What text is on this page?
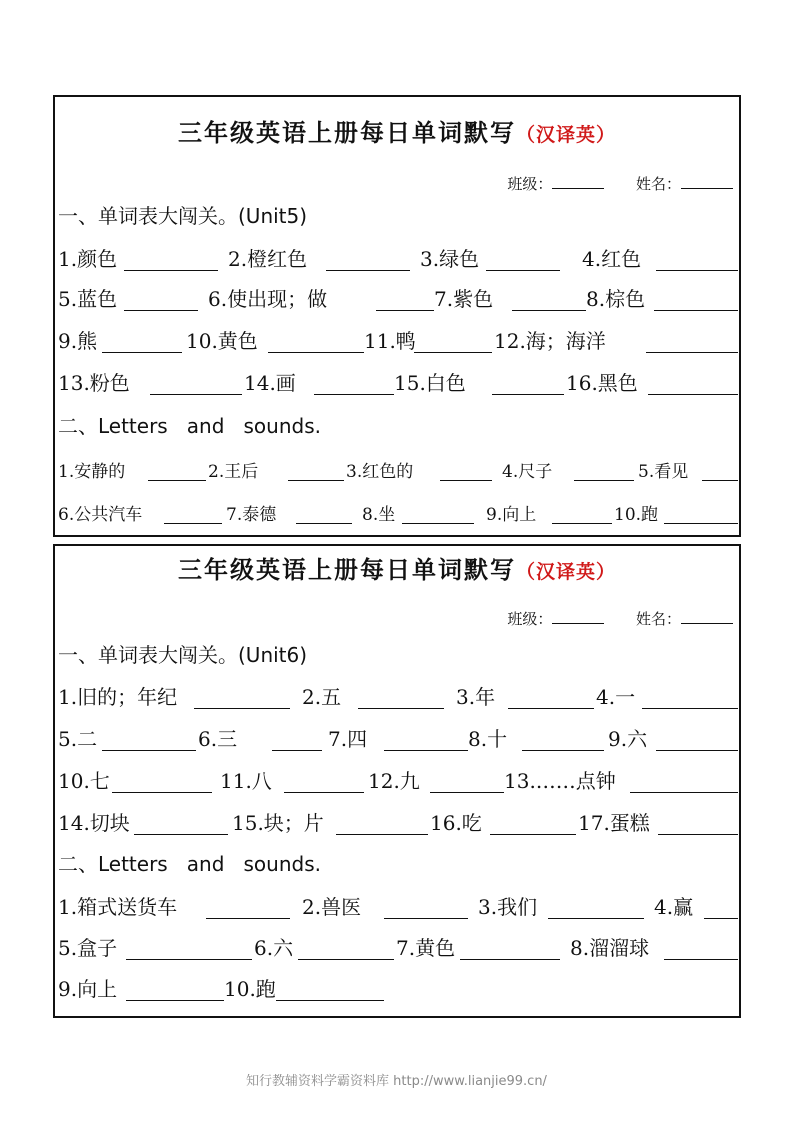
三年级英语上册每日单词默写（汉译英）
班级：	姓名：
一、单词表大闯关。(Unit5)
1.颜色	2.橙红色	3.绿色	4.红色
5.蓝色	6.使出现；做	7.紫色	8.棕色
9.熊	10.黄色	11.鸭	12.海；海洋
13.粉色	14.画	15.白色	16.黑色
二、Letters   and   sounds.
1.安静的	2.王后	3.红色的	4.尺子	5.看见
6.公共汽车	7.泰德	8.坐	9.向上	10.跑
三年级英语上册每日单词默写（汉译英）
班级：	姓名：
一、单词表大闯关。(Unit6)
1.旧的；年纪	2.五	3.年	4.一
5.二	6.三	7.四	8.十	9.六
10.七	11.八	12.九	13.……点钟
14.切块	15.块；片	16.吃	17.蛋糕
二、Letters   and   sounds.
1.箱式送货车	2.兽医	3.我们	4.赢
5.盒子	6.六	7.黄色	8.溜溜球
9.向上	10.跑
知行教辅资料学霸资料库 http://www.lianjie99.cn/
